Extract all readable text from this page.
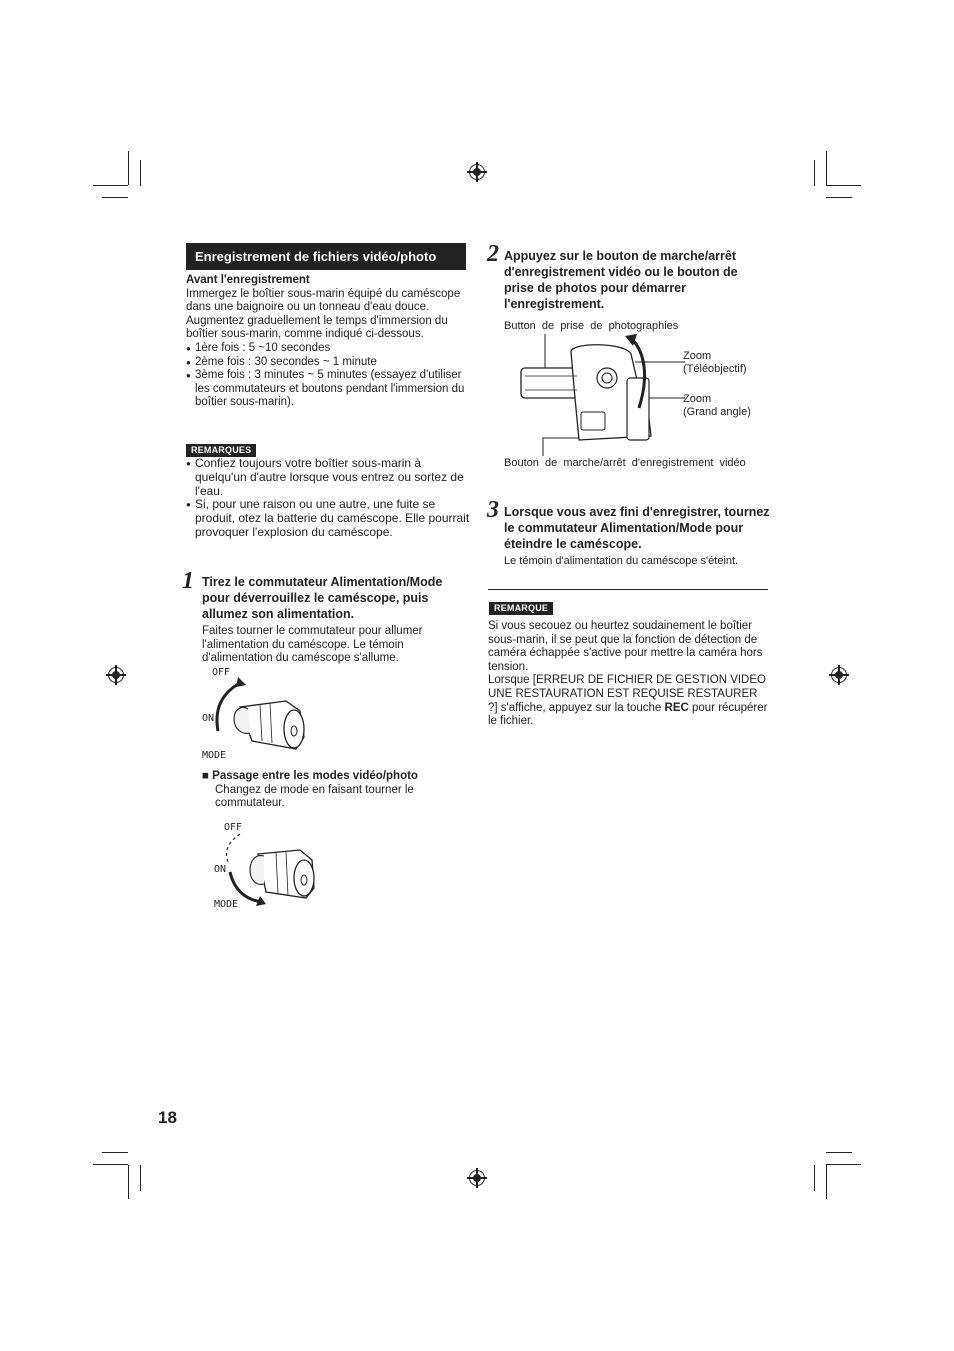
Enregistrement de fichiers vidéo/photo
Avant l'enregistrement
Immergez le boîtier sous-marin équipé du caméscope dans une baignoire ou un tonneau d'eau douce.
Augmentez graduellement le temps d'immersion du boîtier sous-marin, comme indiqué ci-dessous.
● 1ère fois : 5 ~10 secondes
● 2ème fois : 30 secondes ~ 1 minute
● 3ème fois : 3 minutes ~ 5 minutes (essayez d'utiliser les commutateurs et boutons pendant l'immersion du boîtier sous-marin).
REMARQUES
● Confiez toujours votre boîtier sous-marin à quelqu'un d'autre lorsque vous entrez ou sortez de l'eau.
● Si, pour une raison ou une autre, une fuite se produit, otez la batterie du caméscope. Elle pourrait provoquer l'explosion du caméscope.
1 Tirez le commutateur Alimentation/Mode pour déverrouillez le caméscope, puis allumez son alimentation.
Faites tourner le commutateur pour allumer l'alimentation du caméscope. Le témoin d'alimentation du caméscope s'allume.
OFF
ON
MODE
■ Passage entre les modes vidéo/photo
Changez de mode en faisant tourner le commutateur.
OFF
ON
MODE
2 Appuyez sur le bouton de marche/arrêt d'enregistrement vidéo ou le bouton de prise de photos pour démarrer l'enregistrement.
Button  de  prise  de  photographies
Zoom
(Téléobjectif)
Zoom
(Grand angle)
Bouton  de  marche/arrêt  d'enregistrement  vidéo
3 Lorsque vous avez fini d'enregistrer, tournez le commutateur Alimentation/Mode pour éteindre le caméscope.
Le témoin d'alimentation du caméscope s'éteint.
REMARQUE
Si vous secouez ou heurtez soudainement le boîtier sous-marin, il se peut que la fonction de détection de caméra échappée s'active pour mettre la caméra hors tension.
Lorsque [ERREUR DE FICHIER DE GESTION VIDEO UNE RESTAURATION EST REQUISE RESTAURER ?] s'affiche, appuyez sur la touche REC pour récupérer le fichier.
18
